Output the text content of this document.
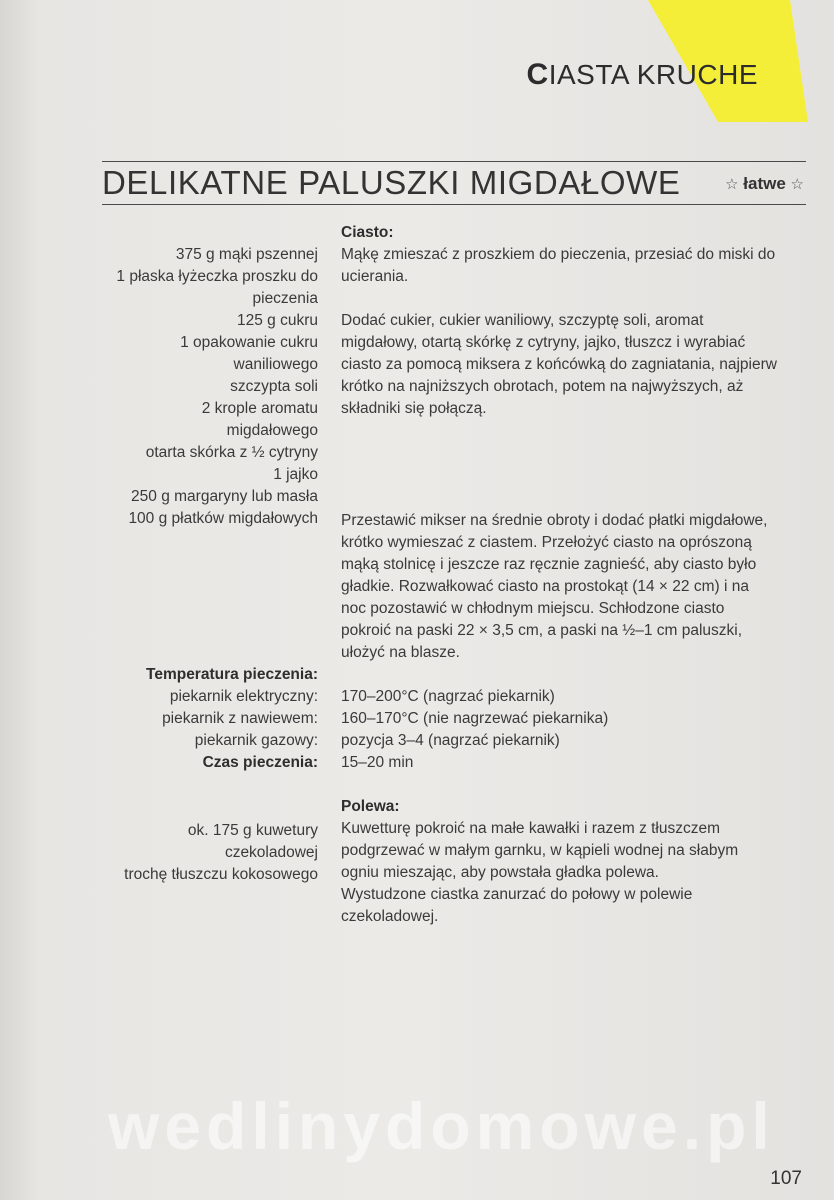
CIASTA KRUCHE
DELIKATNE PALUSZKI MIGDAŁOWE	☆ łatwe ☆
375 g mąki pszennej
1 płaska łyżeczka proszku do
pieczenia
125 g cukru
1 opakowanie cukru
waniliowego
szczypta soli
2 krople aromatu
migdałowego
otarta skórka z ½ cytryny
1 jajko
250 g margaryny lub masła
100 g płatków migdałowych
Ciasto:
Mąkę zmieszać z proszkiem do pieczenia, przesiać do miski do
ucierania.
Dodać cukier, cukier waniliowy, szczyptę soli, aromat
migdałowy, otartą skórkę z cytryny, jajko, tłuszcz i wyrabiać
ciasto za pomocą miksera z końcówką do zagniatania, najpierw
krótko na najniższych obrotach, potem na najwyższych, aż
składniki się połączą.
Przestawić mikser na średnie obroty i dodać płatki migdałowe,
krótko wymieszać z ciastem. Przełożyć ciasto na oprószoną
mąką stolnicę i jeszcze raz ręcznie zagnieść, aby ciasto było
gładkie. Rozwałkować ciasto na prostokąt (14 × 22 cm) i na
noc pozostawić w chłodnym miejscu. Schłodzone ciasto
pokroić na paski 22 × 3,5 cm, a paski na ½–1 cm paluszki,
ułożyć na blasze.
Temperatura pieczenia:
piekarnik elektryczny:
piekarnik z nawiewem:
piekarnik gazowy:
Czas pieczenia:
170–200°C (nagrzać piekarnik)
160–170°C (nie nagrzewać piekarnika)
pozycja 3–4 (nagrzać piekarnik)
15–20 min
ok. 175 g kuwetury
czekoladowej
trochę tłuszczu kokosowego
Polewa:
Kuwetturę pokroić na małe kawałki i razem z tłuszczem
podgrzewać w małym garnku, w kąpieli wodnej na słabym
ogniu mieszając, aby powstała gładka polewa.
Wystudzone ciastka zanurzać do połowy w polewie
czekoladowej.
wedlinydomowe.pl
107
